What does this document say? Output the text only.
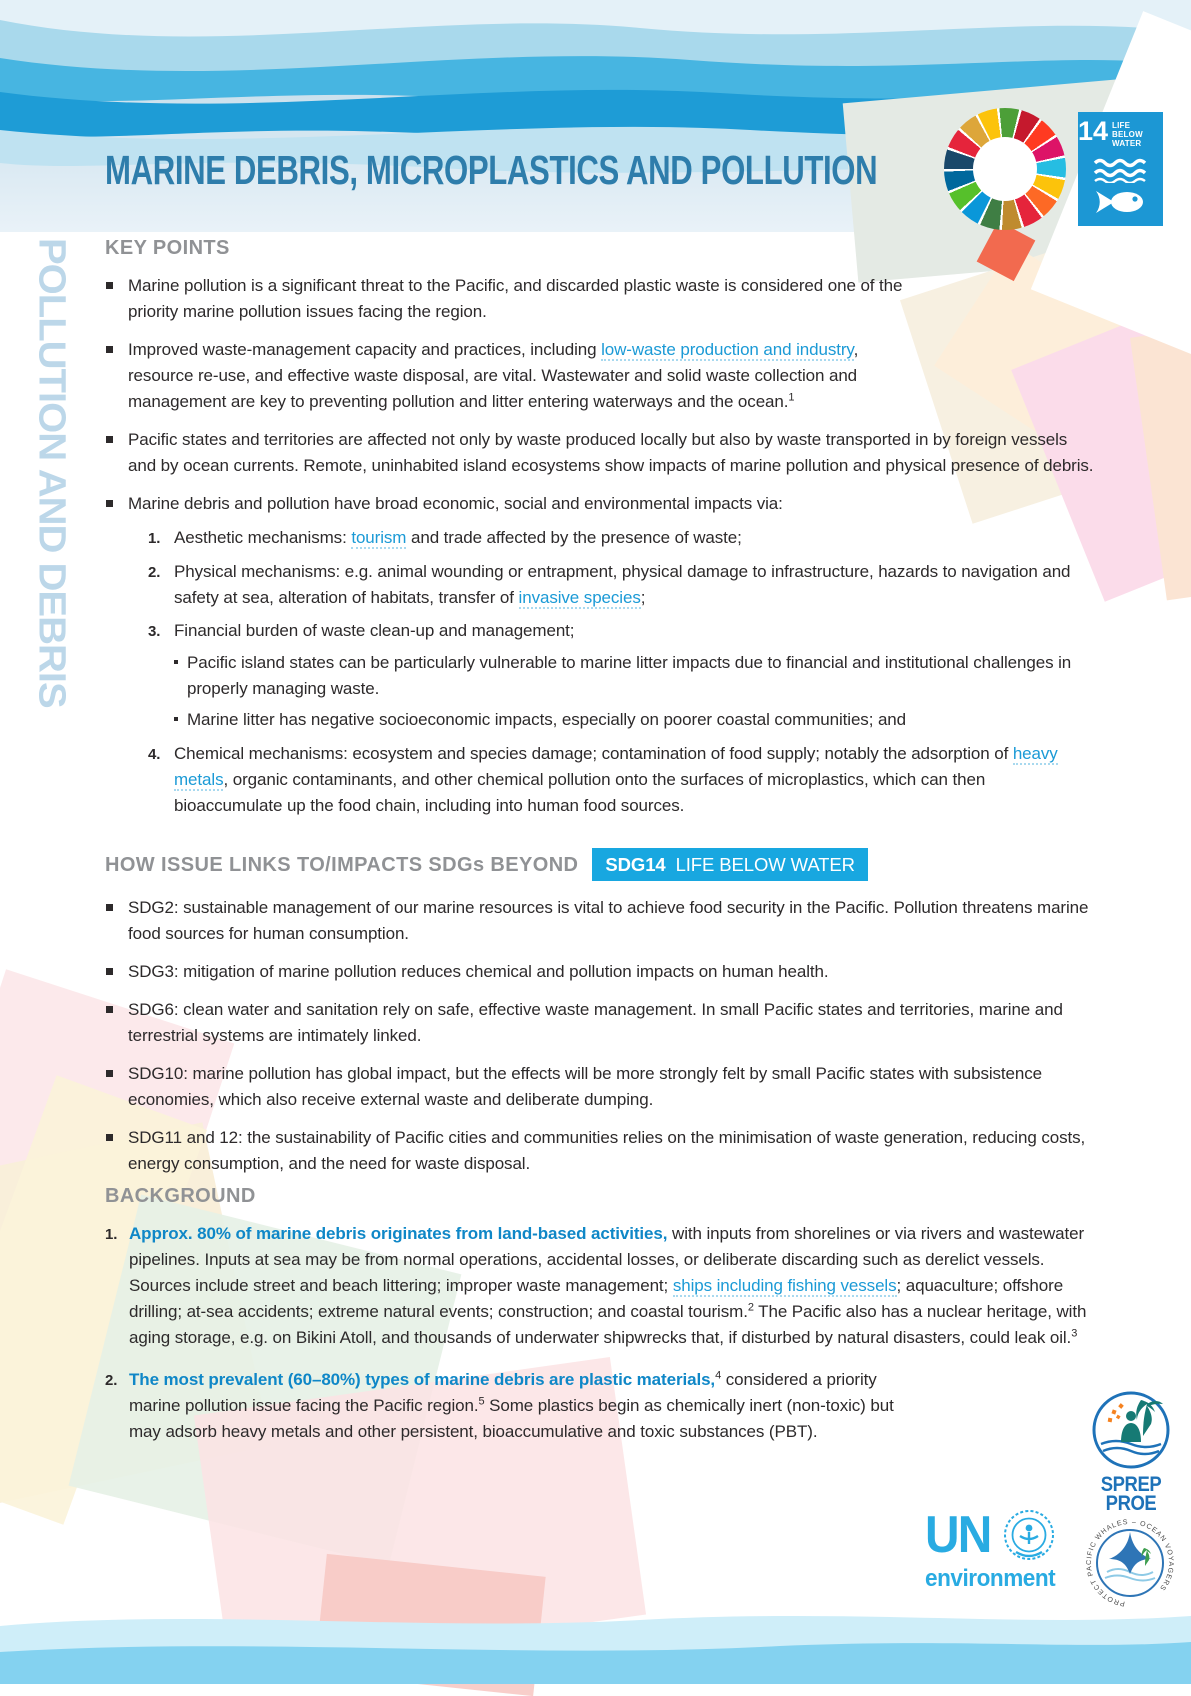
MARINE DEBRIS, MICROPLASTICS AND POLLUTION
14 LIFE
BELOW WATER
POLLUTION AND DEBRIS KEY POINTS
Marine pollution is a significant threat to the Pacific, and discarded plastic waste is considered one of the priority marine pollution issues facing the region.
Improved waste-management capacity and practices, including low-waste production and industry, resource re-use, and effective waste disposal, are vital. Wastewater and solid waste collection and management are key to preventing pollution and litter entering waterways and the ocean.$^1$
Pacific states and territories are affected not only by waste produced locally but also by waste transported in by foreign vessels and by ocean currents. Remote, uninhabited island ecosystems show impacts of marine pollution and physical presence of debris.
Marine debris and pollution have broad economic, social and environmental impacts via:
1. Aesthetic mechanisms: tourism and trade affected by the presence of waste;
2. Physical mechanisms: e.g. animal wounding or entrapment, physical damage to infrastructure, hazards to navigation and safety at sea, alteration of habitats, transfer of invasive species;
3. Financial burden of waste clean-up and management;
Pacific island states can be particularly vulnerable to marine litter impacts due to financial and institutional challenges in properly managing waste.
Marine litter has negative socioeconomic impacts, especially on poorer coastal communities; and
4. Chemical mechanisms: ecosystem and species damage; contamination of food supply; notably the adsorption of heavy metals, organic contaminants, and other chemical pollution onto the surfaces of microplastics, which can then bioaccumulate up the food chain, including into human food sources.
HOW ISSUE LINKS TO/IMPACTS SDGs BEYOND SDG14 LIFE BELOW WATER
SDG2: sustainable management of our marine resources is vital to achieve food security in the Pacific. Pollution threatens marine food sources for human consumption.
SDG3: mitigation of marine pollution reduces chemical and pollution impacts on human health.
SDG6: clean water and sanitation rely on safe, effective waste management. In small Pacific states and territories, marine and terrestrial systems are intimately linked.
SDG10: marine pollution has global impact, but the effects will be more strongly felt by small Pacific states with subsistence economies, which also receive external waste and deliberate dumping.
SDG11 and 12: the sustainability of Pacific cities and communities relies on the minimisation of waste generation, reducing costs, energy consumption, and the need for waste disposal.
BACKGROUND
1. Approx. 80% of marine debris originates from land-based activities, with inputs from shorelines or via rivers and wastewater pipelines. Inputs at sea may be from normal operations, accidental losses, or deliberate discarding such as derelict vessels. Sources include street and beach littering; improper waste management; ships including fishing vessels; aquaculture; offshore drilling; at-sea accidents; extreme natural events; construction; and coastal tourism.$^2$ The Pacific also has a nuclear heritage, with aging storage, e.g. on Bikini Atoll, and thousands of underwater shipwrecks that, if disturbed by natural disasters, could leak oil.$^3$
2. The most prevalent (60–80%) types of marine debris are plastic materials,$^4$ considered a priority marine pollution issue facing the Pacific region.$^5$ Some plastics begin as chemically inert (non-toxic) but may adsorb heavy metals and other persistent, bioaccumulative and toxic substances (PBT).
SPREP
PROE
UN
environment
PROTECT PACIFIC WHALES – OCEAN VOYAGERS
